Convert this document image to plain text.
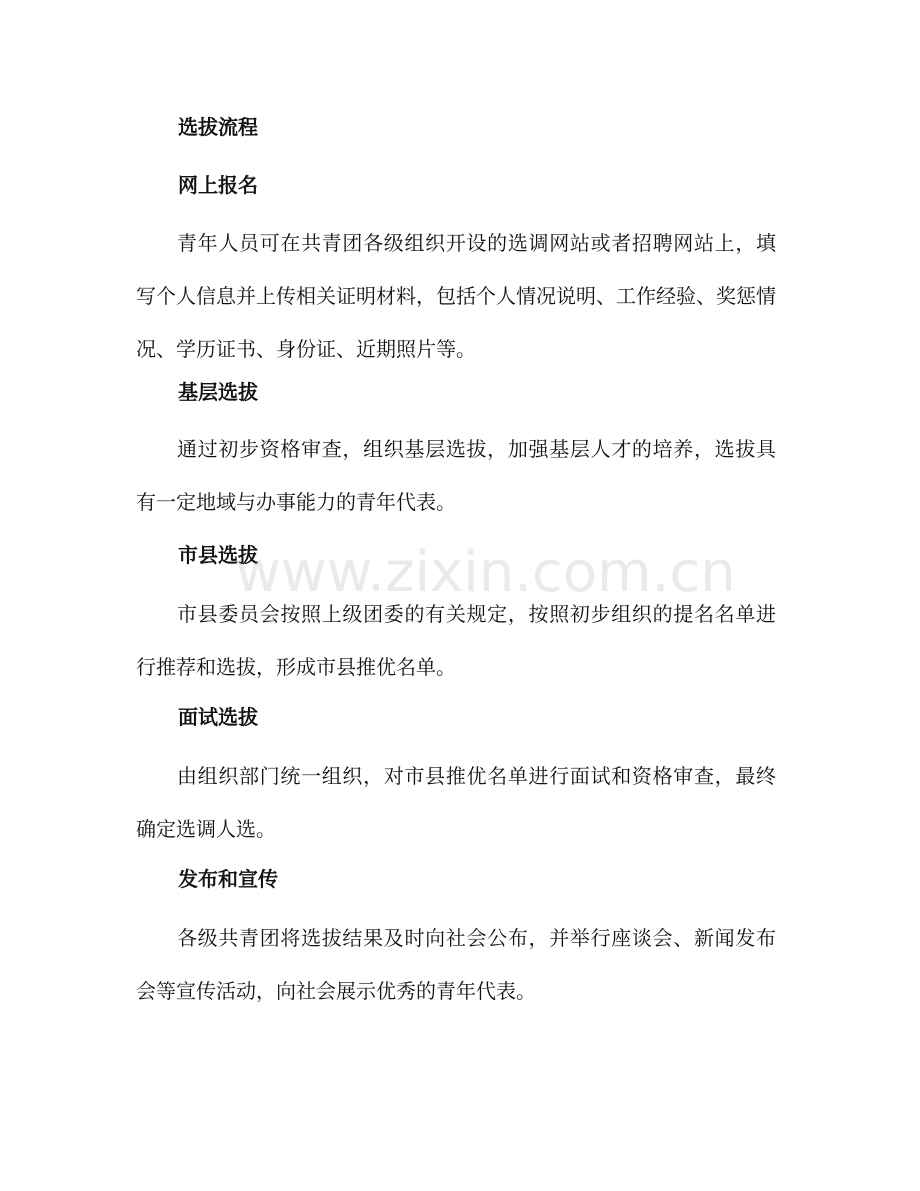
选拔流程
网上报名
青年人员可在共青团各级组织开设的选调网站或者招聘网站上，填写个人信息并上传相关证明材料，包括个人情况说明、工作经验、奖惩情况、学历证书、身份证、近期照片等。
基层选拔
通过初步资格审查，组织基层选拔，加强基层人才的培养，选拔具有一定地域与办事能力的青年代表。
市县选拔
市县委员会按照上级团委的有关规定，按照初步组织的提名名单进行推荐和选拔，形成市县推优名单。
面试选拔
由组织部门统一组织，对市县推优名单进行面试和资格审查，最终确定选调人选。
发布和宣传
各级共青团将选拔结果及时向社会公布，并举行座谈会、新闻发布会等宣传活动，向社会展示优秀的青年代表。
www.zixin.com.cn
